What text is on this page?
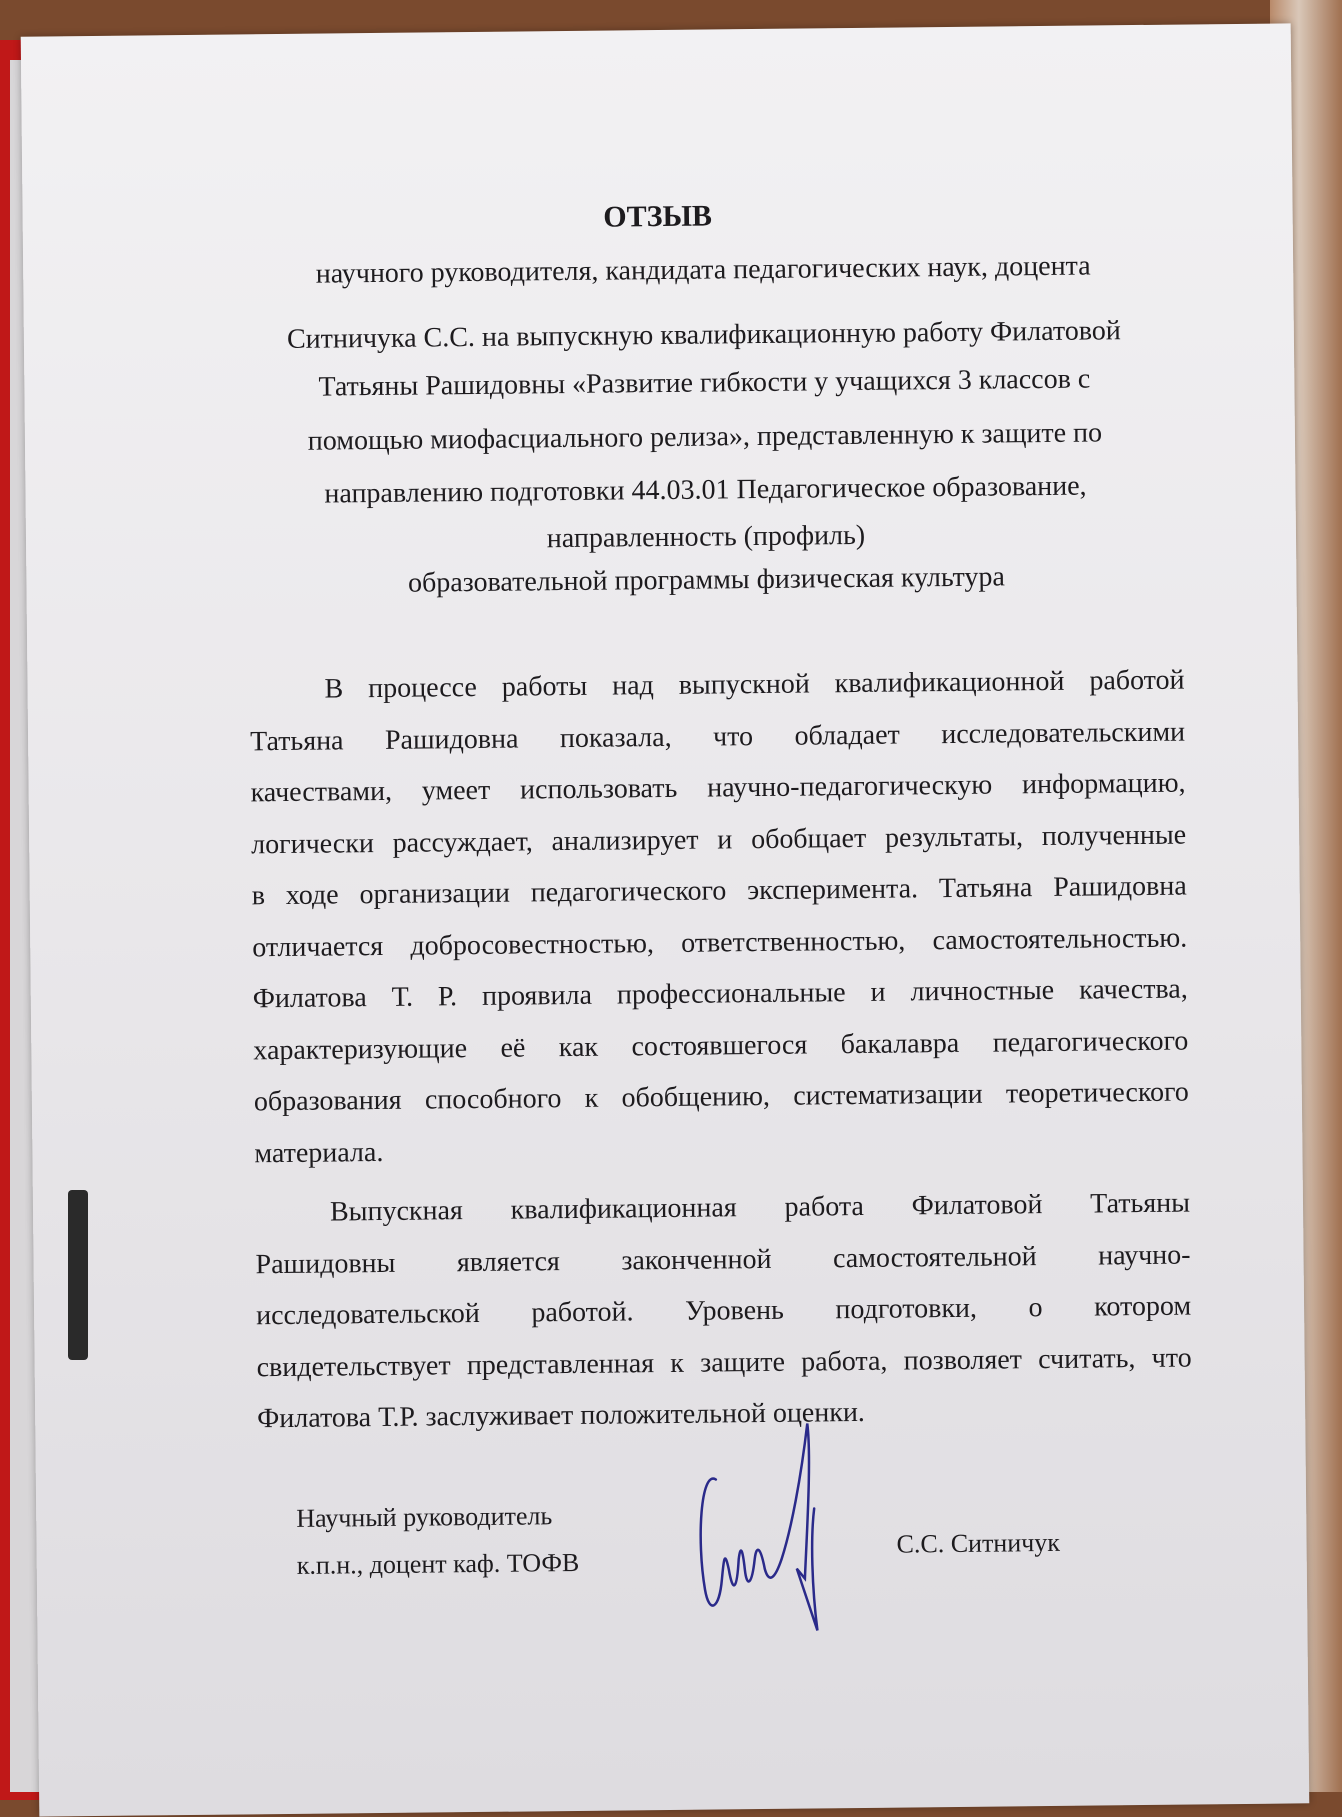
ОТЗЫВ
научного руководителя, кандидата педагогических наук, доцента
Ситничука С.С. на выпускную квалификационную работу Филатовой
Татьяны Рашидовны «Развитие гибкости у учащихся 3 классов с
помощью миофасциального релиза», представленную к защите по
направлению подготовки 44.03.01 Педагогическое образование,
направленность (профиль)
образовательной программы физическая культура
В процессе работы над выпускной квалификационной работой
Татьяна Рашидовна показала, что обладает исследовательскими
качествами, умеет использовать научно-педагогическую информацию,
логически рассуждает, анализирует и обобщает результаты, полученные
в ходе организации педагогического эксперимента. Татьяна Рашидовна
отличается добросовестностью, ответственностью, самостоятельностью.
Филатова Т. Р. проявила профессиональные и личностные качества,
характеризующие её как состоявшегося бакалавра педагогического
образования способного к обобщению, систематизации теоретического
материала.
Выпускная квалификационная работа Филатовой Татьяны
Рашидовны является законченной самостоятельной научно-
исследовательской работой. Уровень подготовки, о котором
свидетельствует представленная к защите работа, позволяет считать, что
Филатова Т.Р. заслуживает положительной оценки.
Научный руководитель
к.п.н., доцент каф. ТОФВ
С.С. Ситничук
